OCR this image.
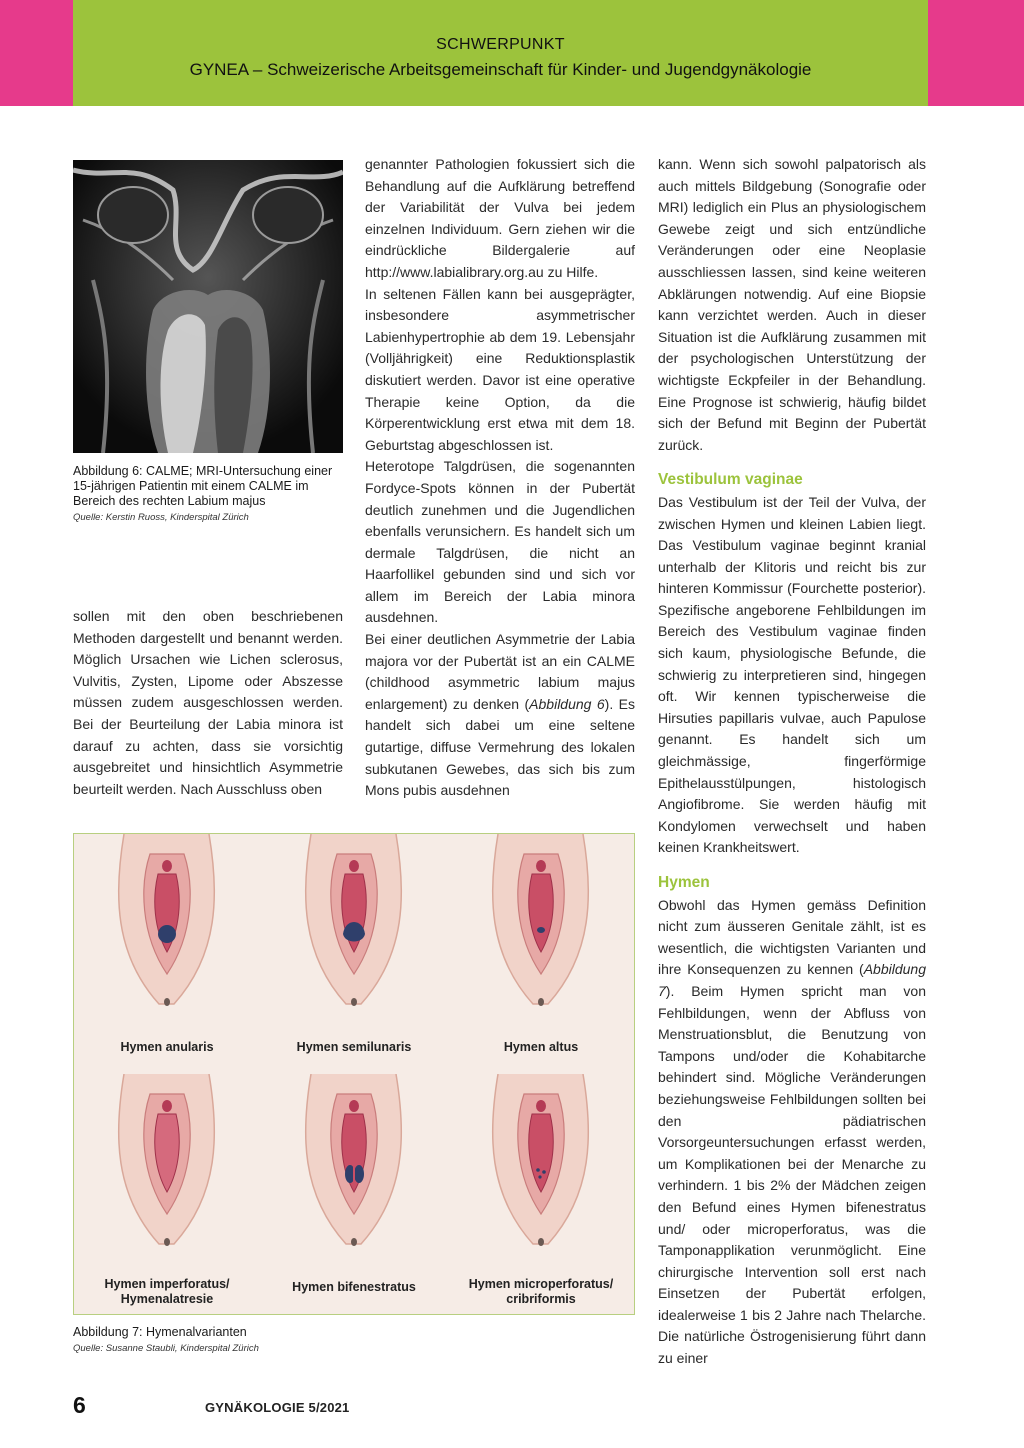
SCHWERPUNKT
GYNEA – Schweizerische Arbeitsgemeinschaft für Kinder- und Jugendgynäkologie
Abbildung 6: CALME; MRI-Untersuchung einer 15-jährigen Patientin mit einem CALME im Bereich des rechten Labium majus
Quelle: Kerstin Ruoss, Kinderspital Zürich

sollen mit den oben beschriebenen Methoden dargestellt und benannt werden. Möglich Ursachen wie Lichen sclerosus, Vulvitis, Zysten, Lipome oder Abszesse müssen zudem ausgeschlossen werden. Bei der Beurteilung der Labia minora ist darauf zu achten, dass sie vorsichtig ausgebreitet und hinsichtlich Asymmetrie beurteilt werden. Nach Ausschluss oben

genannter Pathologien fokussiert sich die Behandlung auf die Aufklärung betreffend der Variabilität der Vulva bei jedem einzelnen Individuum. Gern ziehen wir die eindrückliche Bildergalerie auf http://www.labialibrary.org.au zu Hilfe.

In seltenen Fällen kann bei ausgeprägter, insbesondere asymmetrischer Labienhypertrophie ab dem 19. Lebensjahr (Volljährigkeit) eine Reduktionsplastik diskutiert werden. Davor ist eine operative Therapie keine Option, da die Körperentwicklung erst etwa mit dem 18. Geburtstag abgeschlossen ist.

Heterotope Talgdrüsen, die sogenannten Fordyce-Spots können in der Pubertät deutlich zunehmen und die Jugendlichen ebenfalls verunsichern. Es handelt sich um dermale Talgdrüsen, die nicht an Haarfollikel gebunden sind und sich vor allem im Bereich der Labia minora ausdehnen.

Bei einer deutlichen Asymmetrie der Labia majora vor der Pubertät ist an ein CALME (childhood asymmetric labium majus enlargement) zu denken (Abbildung 6). Es handelt sich dabei um eine seltene gutartige, diffuse Vermehrung des lokalen subkutanen Gewebes, das sich bis zum Mons pubis ausdehnen

kann. Wenn sich sowohl palpatorisch als auch mittels Bildgebung (Sonografie oder MRI) lediglich ein Plus an physiologischem Gewebe zeigt und sich entzündliche Veränderungen oder eine Neoplasie ausschliessen lassen, sind keine weiteren Abklärungen notwendig. Auf eine Biopsie kann verzichtet werden. Auch in dieser Situation ist die Aufklärung zusammen mit der psychologischen Unterstützung der wichtigste Eckpfeiler in der Behandlung. Eine Prognose ist schwierig, häufig bildet sich der Befund mit Beginn der Pubertät zurück.

Vestibulum vaginae

Das Vestibulum ist der Teil der Vulva, der zwischen Hymen und kleinen Labien liegt. Das Vestibulum vaginae beginnt kranial unterhalb der Klitoris und reicht bis zur hinteren Kommissur (Fourchette posterior). Spezifische angeborene Fehlbildungen im Bereich des Vestibulum vaginae finden sich kaum, physiologische Befunde, die schwierig zu interpretieren sind, hingegen oft. Wir kennen typischerweise die Hirsuties papillaris vulvae, auch Papulose genannt. Es handelt sich um gleichmässige, fingerförmige Epithelausstülpungen, histologisch Angiofibrome. Sie werden häufig mit Kondylomen verwechselt und haben keinen Krankheitswert.

Hymen

Obwohl das Hymen gemäss Definition nicht zum äusseren Genitale zählt, ist es wesentlich, die wichtigsten Varianten und ihre Konsequenzen zu kennen (Abbildung 7). Beim Hymen spricht man von Fehlbildungen, wenn der Abfluss von Menstruationsblut, die Benutzung von Tampons und/oder die Kohabitarche behindert sind. Mögliche Veränderungen beziehungsweise Fehlbildungen sollten bei den pädiatrischen Vorsorgeuntersuchungen erfasst werden, um Komplikationen bei der Menarche zu verhindern. 1 bis 2% der Mädchen zeigen den Befund eines Hymen bifenestratus und/ oder microperforatus, was die Tamponapplikation verunmöglicht. Eine chirurgische Intervention soll erst nach Einsetzen der Pubertät erfolgen, idealerweise 1 bis 2 Jahre nach Thelarche. Die natürliche Östrogenisierung führt dann zu einer

Hymen anularis	Hymen semilunaris	Hymen altus
Hymen imperforatus/
Hymenalatresie
Hymen bifenestratus	Hymen microperforatus/
cribriformis
Abbildung 7: Hymenalvarianten
Quelle: Susanne Staubli, Kinderspital Zürich
6	GYNÄKOLOGIE 5/2021
